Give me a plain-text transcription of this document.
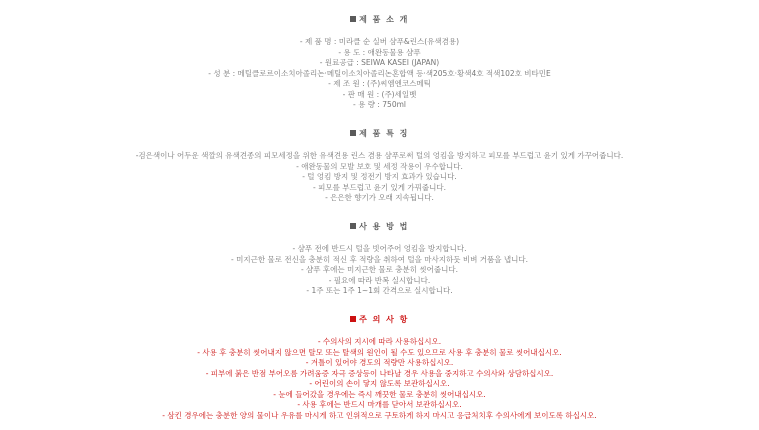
제 품 소 개
- 제 품 명 : 미라클 순 실버 샴푸&린스(유색겸용)
- 용 도 : 애완동물용 샴푸
- 원료공급 : SEIWA KASEI (JAPAN)
- 성 분 : 메틸클로르이소치아졸리논·메틸이소치아졸리논혼합액 등·색205호·황색4호 적색102호 비타민E
- 제 조 원 : (주)씨엠엔코스메틱
- 판 매 원 : (주)세일벳
- 용 량 : 750ml
제 품 특 징
-검은색이나 어두운 색깔의 유색견종의 피모세정을 위한 유색견용 린스 겸용 샴푸로써 털의 엉킴을 방지하고 피모를 부드럽고 윤기 있게 가꾸어줍니다.
- 애완동물의 모발 보호 및 세정 작용이 우수합니다.
- 털 엉킴 방지 및 정전기 방지 효과가 있습니다.
- 피모를 부드럽고 윤기 있게 가꿔줍니다.
- 은은한 향기가 오래 지속됩니다.
사 용 방 법
- 샴푸 전에 반드시 털을 빗어주어 엉킴을 방지합니다.
- 미지근한 물로 전신을 충분히 적신 후 적량을 취하여 털을 마사지하듯 비벼 거품을 냅니다.
- 샴푸 후에는 미지근한 물로 충분히 씻어줍니다.
- 필요에 따라 반복 실시합니다.
- 1주 또는 1주 1~1회 간격으로 실시합니다.
주 의 사 항
- 수의사의 지시에 따라 사용하십시오.
- 사용 후 충분히 씻어내지 않으면 탈모 또는 탈색의 원인이 될 수도 있으므로 사용 후 충분히 물로 씻어내십시오.
- 겨틀이 있어야 경도의 적량만 사용하십시오.
- 피부에 붉은 반점 부어오름 가려움증 자극 증상등이 나타날 경우 사용을 중지하고 수의사와 상담하십시오.
- 어린이의 손이 닿지 않도록 보관하십시오.
- 눈에 들어갔을 경우에는 즉시 깨끗한 물로 충분히 씻어내십시오.
- 사용 후에는 반드시 마개를 닫아서 보관하십시오.
- 삼킨 경우에는 충분한 양의 물이나 우유를 마시게 하고 인위적으로 구토하게 하지 마시고 응급처치후 수의사에게 보이도록 하십시오.
